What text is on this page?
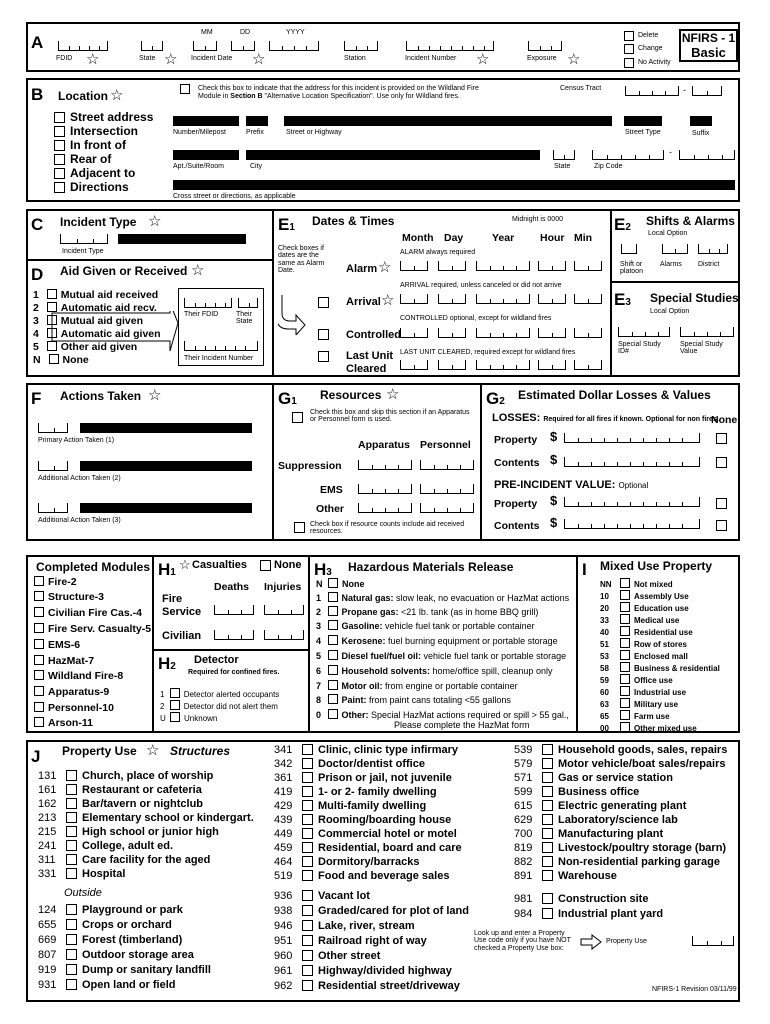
A
MM	DD	YYYY
FDID ☆	State ☆ Incident Date ☆	Station	Incident Number ☆	Exposure ☆
Delete
Change
No Activity
NFIRS - 1
Basic
B Location ☆	Check this box to indicate that the address for this incident is provided on the Wildland Fire
Module in Section B "Alternative Location Specification". Use only for Wildland fires.
Census Tract	-
Street address
Intersection
In front of
Rear of
Adjacent to
Directions
Number/Milepost	Prefix	Street or Highway	Street Type	Suffix
-
Apt./Suite/Room	City	State	Zip Code
Cross street or directions, as applicable
C Incident Type ☆
Incident Type
D Aid Given or Received ☆
1 Mutual aid received
2 Automatic aid recv.
3 Mutual aid given
4 Automatic aid given
5 Other aid given
N None
Their FDID	Their State
Their Incident Number
E1 Dates & Times	Midnight is 0000
Month Day	Year Hour Min
Check boxes if dates are the same as Alarm Date.
ALARM always required
Alarm ☆
ARRIVAL required, unless canceled or did not arrive
Arrival ☆
CONTROLLED optional, except for wildland fires
Controlled
LAST UNIT CLEARED, required except for wildland fires
Last Unit
Cleared
E2 Shifts & Alarms
Local Option
Shift or platoon
Alarms District
E3 Special Studies
Local Option
Special Study ID#
Special Study Value
F Actions Taken ☆
Primary Action Taken (1)
Additional Action Taken (2)
Additional Action Taken (3)
G1 Resources ☆
Check this box and skip this section if an Apparatus or Personnel form is used.
Apparatus Personnel
Suppression
EMS
Other
Check box if resource counts include aid received resources.
G2 Estimated Dollar Losses & Values
LOSSES: Required for all fires if known. Optional for non fires.
None
Property $
Contents $
PRE-INCIDENT VALUE: Optional
Property $
Contents $
Completed Modules
Fire-2
Structure-3
Civilian Fire Cas.-4
Fire Serv. Casualty-5
EMS-6
HazMat-7
Wildland Fire-8
Apparatus-9
Personnel-10
Arson-11
H1
☆ Casualties None
Deaths Injuries
Fire Service
Civilian
H2
Detector
Required for confined fires.
1 Detector alerted occupants
2 Detector did not alert them
U Unknown
H3 Hazardous Materials Release
N None
1 Natural gas: slow leak, no evacuation or HazMat actions
2 Propane gas: <21 lb. tank (as in home BBQ grill)
3 Gasoline: vehicle fuel tank or portable container
4 Kerosene: fuel burning equipment or portable storage
5 Diesel fuel/fuel oil: vehicle fuel tank or portable storage
6 Household solvents: home/office spill, cleanup only
7 Motor oil: from engine or portable container
8 Paint: from paint cans totaling <55 gallons
0 Other: Special HazMat actions required or spill > 55 gal.,
Please complete the HazMat form
I Mixed Use Property
NN	Not mixed
10	Assembly Use
20	Education use
33	Medical use
40	Residential use
51	Row of stores
53	Enclosed mall
58	Business & residential
59	Office use
60	Industrial use
63	Military use
65	Farm use
00	Other mixed use
J Property Use ☆ Structures
131 Church, place of worship
161 Restaurant or cafeteria
162 Bar/tavern or nightclub
213 Elementary school or kindergart.
215 High school or junior high
241 College, adult ed.
311 Care facility for the aged
331 Hospital
Outside
124 Playground or park
655 Crops or orchard
669 Forest (timberland)
807 Outdoor storage area
919 Dump or sanitary landfill
931 Open land or field
341 Clinic, clinic type infirmary
342 Doctor/dentist office
361 Prison or jail, not juvenile
419 1- or 2- family dwelling
429 Multi-family dwelling
439 Rooming/boarding house
449 Commercial hotel or motel
459 Residential, board and care
464 Dormitory/barracks
519 Food and beverage sales
936 Vacant lot
938 Graded/cared for plot of land
946 Lake, river, stream
951 Railroad right of way
960 Other street
961 Highway/divided highway
962 Residential street/driveway
539 Household goods, sales, repairs
579 Motor vehicle/boat sales/repairs
571 Gas or service station
599 Business office
615 Electric generating plant
629 Laboratory/science lab
700 Manufacturing plant
819 Livestock/poultry storage (barn)
882 Non-residential parking garage
891 Warehouse
981 Construction site
984 Industrial plant yard
Look up and enter a Property Use code only if you have NOT checked a Property Use box:
Property Use
NFIRS-1 Revision 03/11/99
